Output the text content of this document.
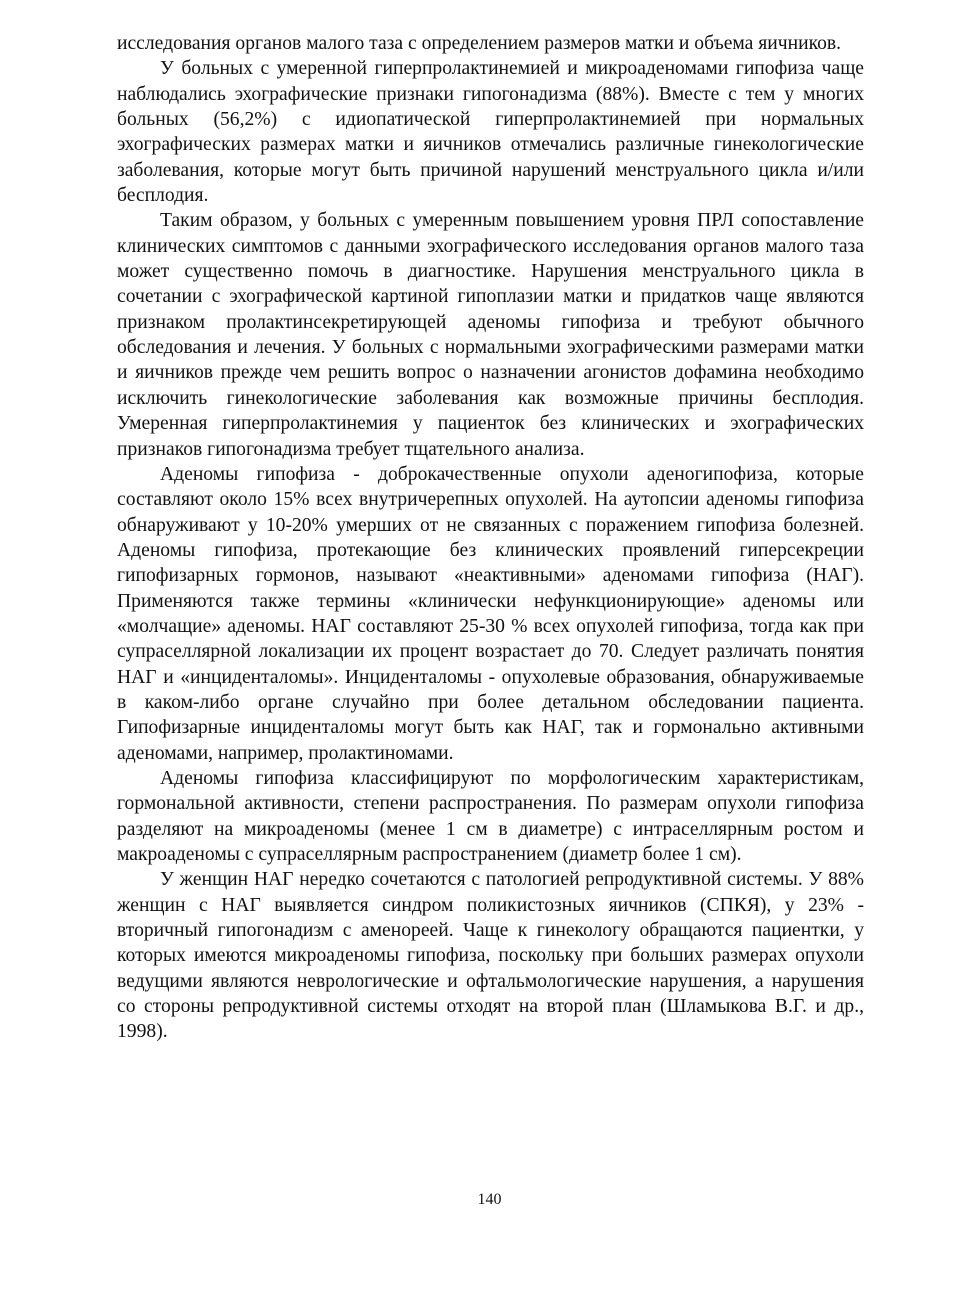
исследования органов малого таза с определением размеров матки и объема яичников.

У больных с умеренной гиперпролактинемией и микроаденомами гипофиза чаще наблюдались эхографические признаки гипогонадизма (88%). Вместе с тем у многих больных (56,2%) с идиопатической гиперпролактинемией при нормальных эхографических размерах матки и яичников отмечались различные гинекологические заболевания, которые могут быть причиной нарушений менструального цикла и/или бесплодия.

Таким образом, у больных с умеренным повышением уровня ПРЛ сопоставление клинических симптомов с данными эхографического исследования органов малого таза может существенно помочь в диагностике. Нарушения менструального цикла в сочетании с эхографической картиной гипоплазии матки и придатков чаще являются признаком пролактинсекретирующей аденомы гипофиза и требуют обычного обследования и лечения. У больных с нормальными эхографическими размерами матки и яичников прежде чем решить вопрос о назначении агонистов дофамина необходимо исключить гинекологические заболевания как возможные причины бесплодия. Умеренная гиперпролактинемия у пациенток без клинических и эхографических признаков гипогонадизма требует тщательного анализа.

Аденомы гипофиза - доброкачественные опухоли аденогипофиза, которые составляют около 15% всех внутричерепных опухолей. На аутопсии аденомы гипофиза обнаруживают у 10-20% умерших от не связанных с поражением гипофиза болезней. Аденомы гипофиза, протекающие без клинических проявлений гиперсекреции гипофизарных гормонов, называют «неактивными» аденомами гипофиза (НАГ). Применяются также термины «клинически нефункционирующие» аденомы или «молчащие» аденомы. НАГ составляют 25-30 % всех опухолей гипофиза, тогда как при супраселлярной локализации их процент возрастает до 70. Следует различать понятия НАГ и «инциденталомы». Инциденталомы - опухолевые образования, обнаруживаемые в каком-либо органе случайно при более детальном обследовании пациента. Гипофизарные инциденталомы могут быть как НАГ, так и гормонально активными аденомами, например, пролактиномами.

Аденомы гипофиза классифицируют по морфологическим характеристикам, гормональной активности, степени распространения. По размерам опухоли гипофиза разделяют на микроаденомы (менее 1 см в диаметре) с интраселлярным ростом и макроаденомы с супраселлярным распространением (диаметр более 1 см).

У женщин НАГ нередко сочетаются с патологией репродуктивной системы. У 88% женщин с НАГ выявляется синдром поликистозных яичников (СПКЯ), у 23% - вторичный гипогонадизм с аменореей. Чаще к гинекологу обращаются пациентки, у которых имеются микроаденомы гипофиза, поскольку при больших размерах опухоли ведущими являются неврологические и офтальмологические нарушения, а нарушения со стороны репродуктивной системы отходят на второй план (Шламыкова В.Г. и др., 1998).

140
